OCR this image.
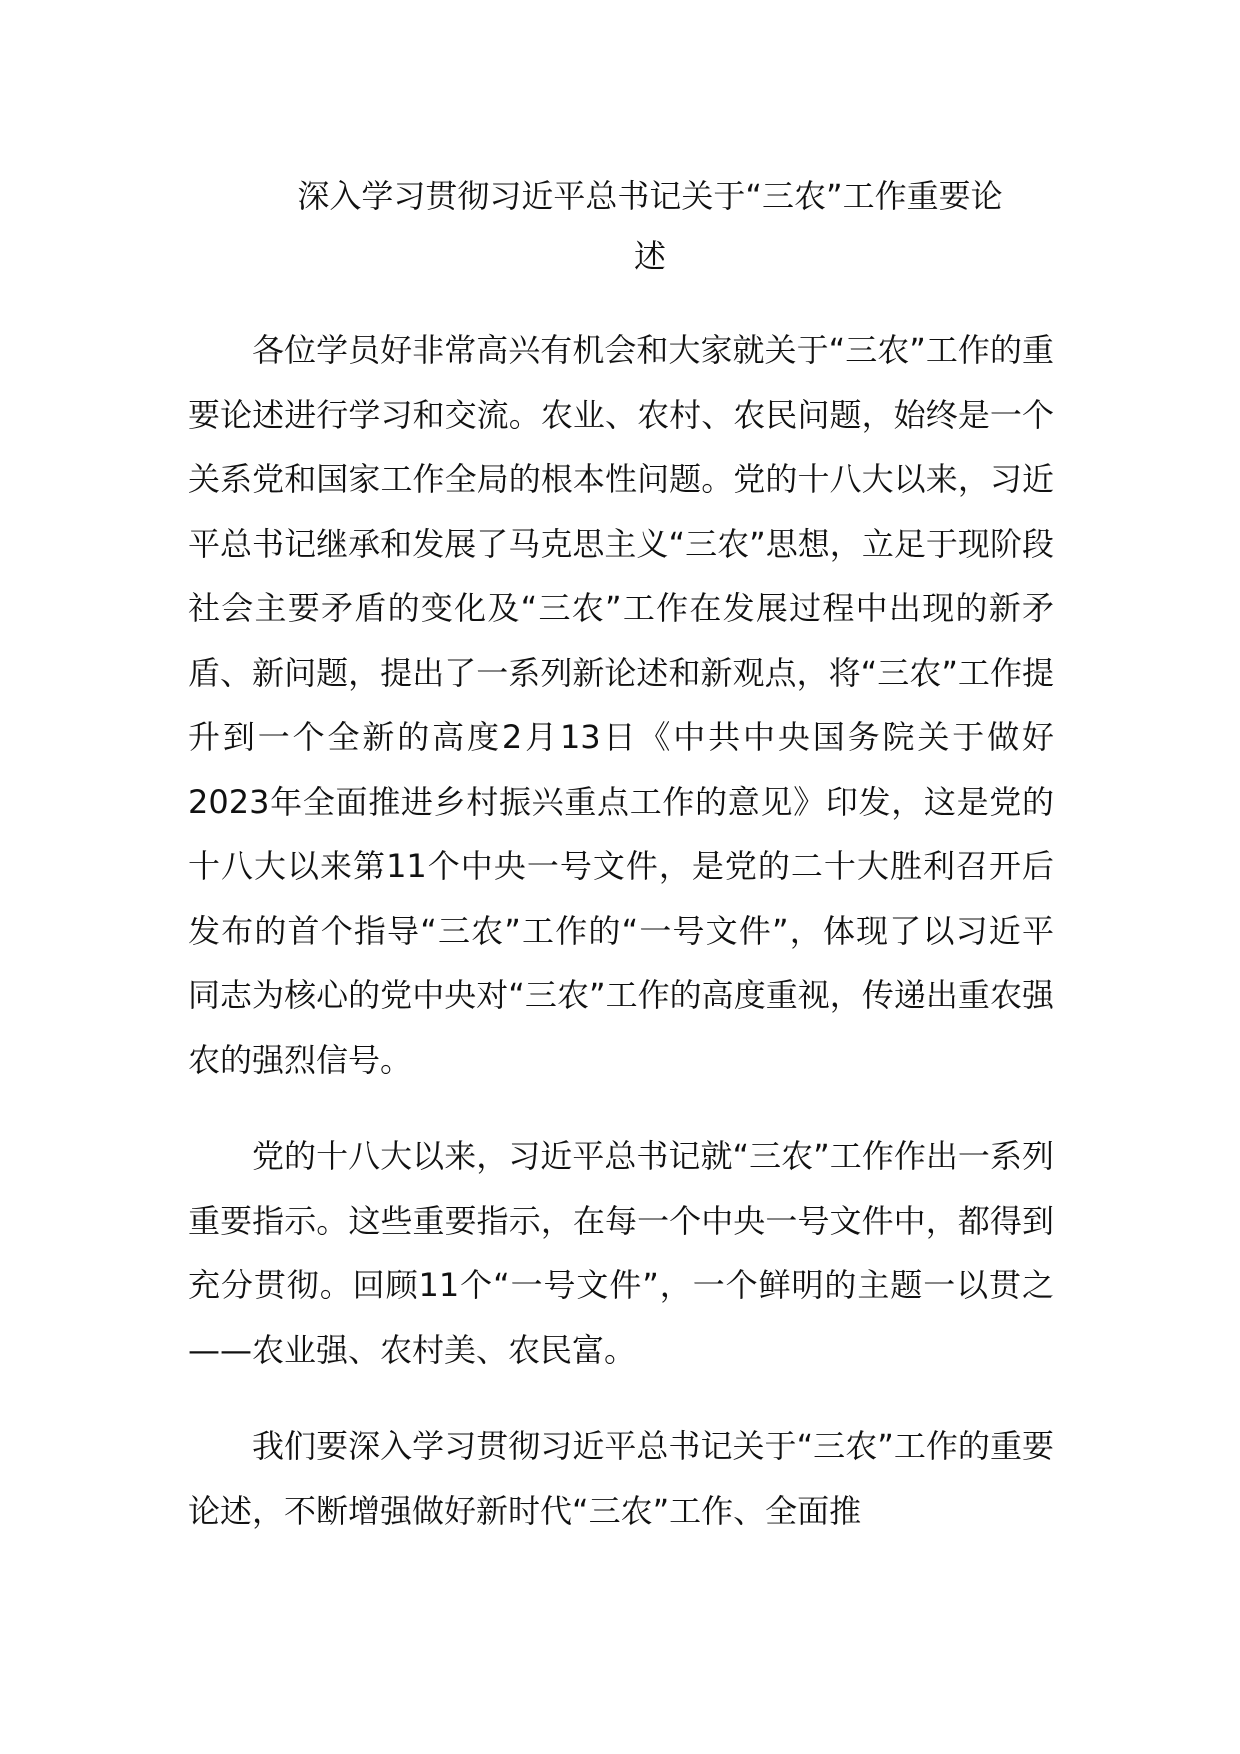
深入学习贯彻习近平总书记关于“三农”工作重要论
述

各位学员好非常高兴有机会和大家就关于“三农”工作的重要论述进行学习和交流。农业、农村、农民问题，始终是一个关系党和国家工作全局的根本性问题。党的十八大以来，习近平总书记继承和发展了马克思主义“三农”思想，立足于现阶段社会主要矛盾的变化及“三农”工作在发展过程中出现的新矛盾、新问题，提出了一系列新论述和新观点，将“三农”工作提升到一个全新的高度2月13日《中共中央国务院关于做好2023年全面推进乡村振兴重点工作的意见》印发，这是党的十八大以来第11个中央一号文件，是党的二十大胜利召开后发布的首个指导“三农”工作的“一号文件”，体现了以习近平同志为核心的党中央对“三农”工作的高度重视，传递出重农强农的强烈信号。

党的十八大以来，习近平总书记就“三农”工作作出一系列重要指示。这些重要指示，在每一个中央一号文件中，都得到充分贯彻。回顾11个“一号文件”，一个鲜明的主题一以贯之——农业强、农村美、农民富。

我们要深入学习贯彻习近平总书记关于“三农”工作的重要论述，不断增强做好新时代“三农”工作、全面推
